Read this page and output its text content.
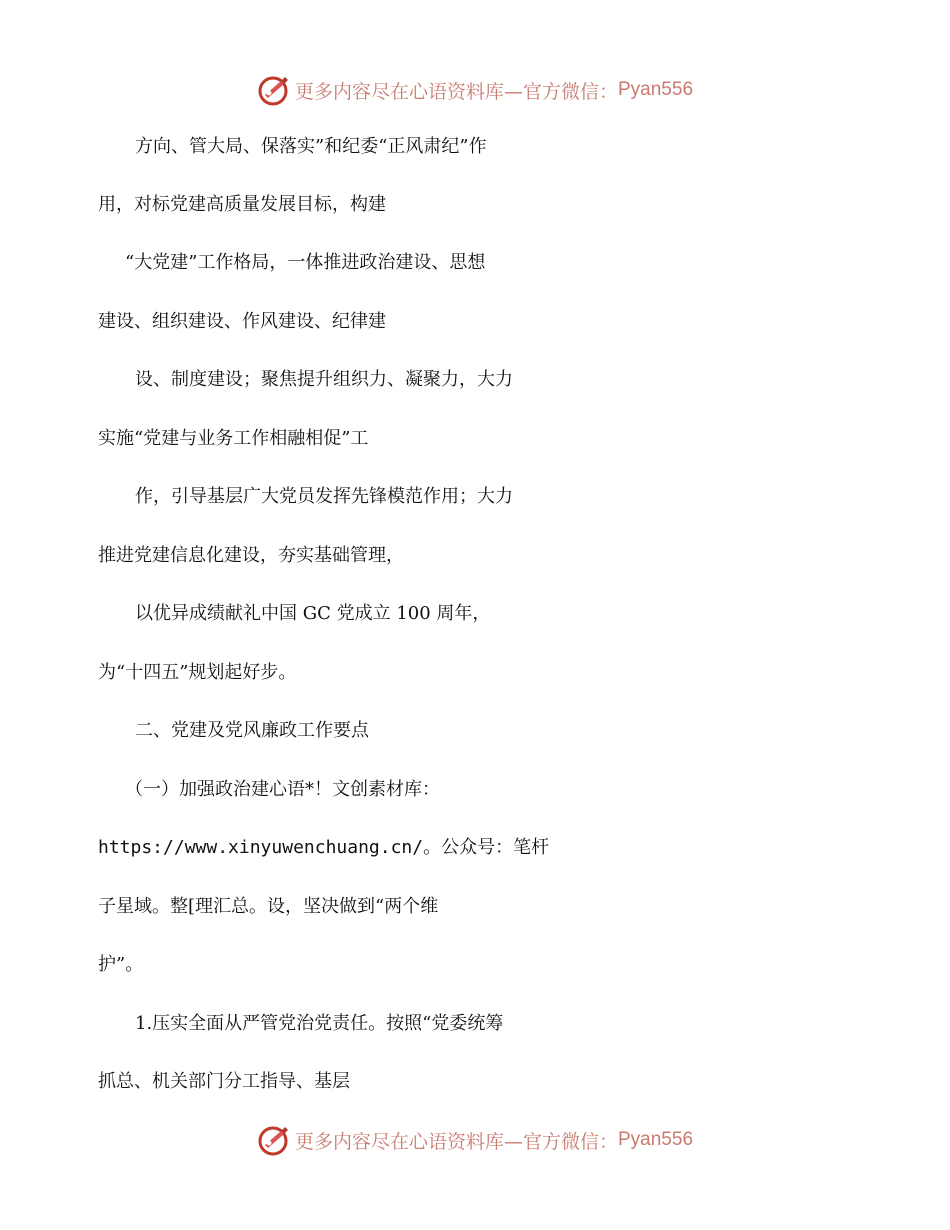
更多内容尽在心语资料库—官方微信： Pyan556
方向、管大局、保落实”和纪委“正风肃纪”作
用，对标党建高质量发展目标，构建
“大党建”工作格局，一体推进政治建设、思想
建设、组织建设、作风建设、纪律建
设、制度建设；聚焦提升组织力、凝聚力，大力
实施“党建与业务工作相融相促”工
作，引导基层广大党员发挥先锋模范作用；大力
推进党建信息化建设，夯实基础管理，
以优异成绩献礼中国 GC 党成立 100 周年，
为“十四五”规划起好步。
二、党建及党风廉政工作要点
（一）加强政治建心语*！文创素材库：
https://www.xinyuwenchuang.cn/。公众号：笔杆
子星域。整[理汇总。设，坚决做到“两个维
护”。
1.压实全面从严管党治党责任。按照“党委统筹
抓总、机关部门分工指导、基层
更多内容尽在心语资料库—官方微信： Pyan556
